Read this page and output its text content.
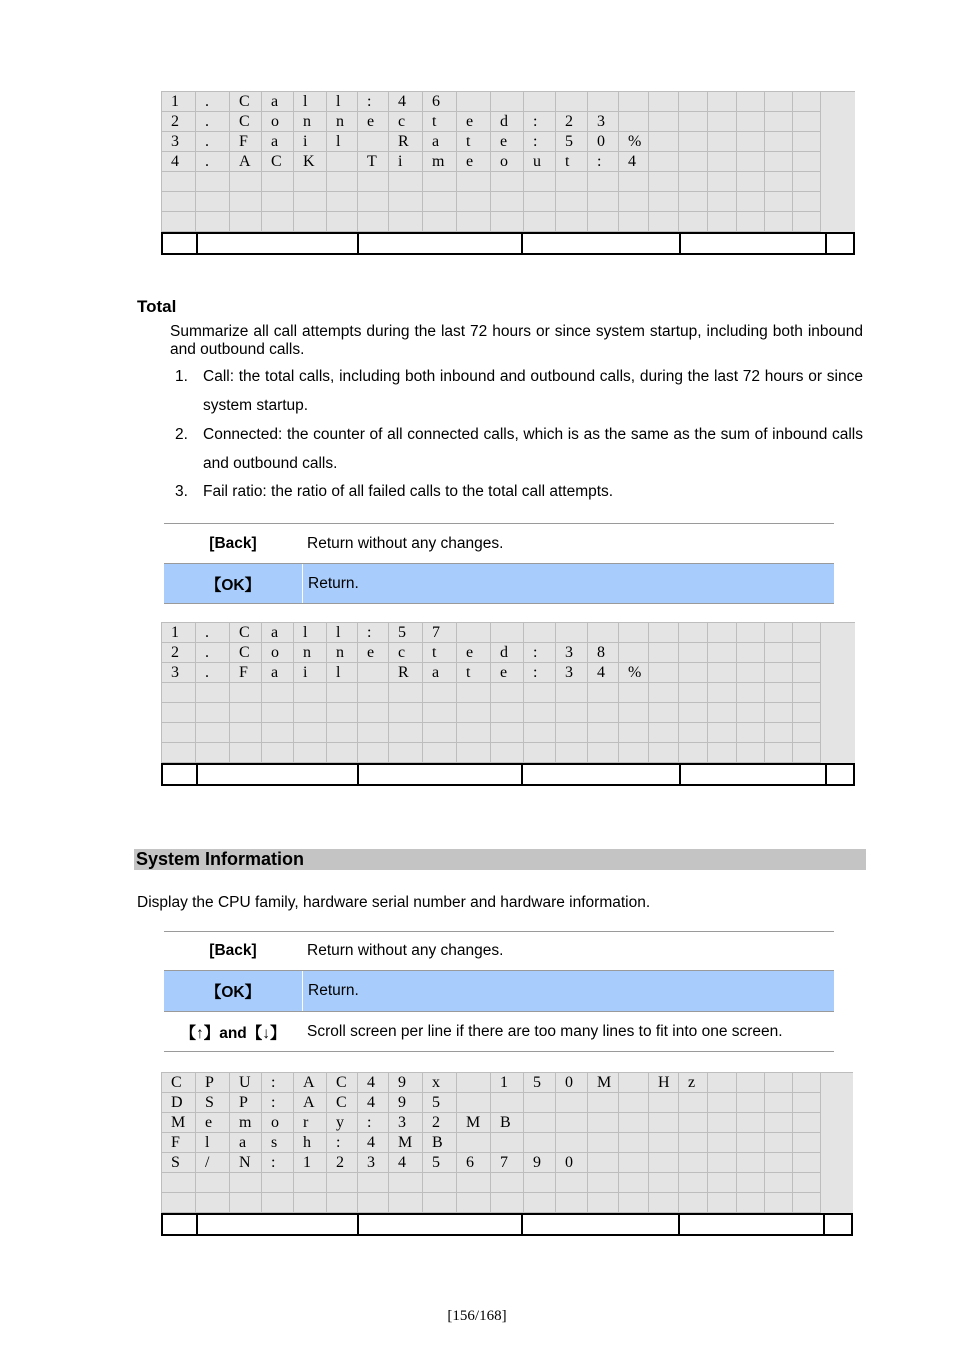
1	.	C	a	l	l	:	4	6
2	.	C	o	n	n	e	c	t	e	d	:	2	3
3	.	F	a	i	l	R	a	t	e	:	5	0	%
4	.	A	C	K	T	i	m	e	o	u	t	:	4
Total
Summarize all call attempts during the last 72 hours or since system startup, including both inbound and outbound calls.
1. Call: the total calls, including both inbound and outbound calls, during the last 72 hours or since system startup.
2. Connected: the counter of all connected calls, which is as the same as the sum of inbound calls and outbound calls.
3. Fail ratio: the ratio of all failed calls to the total call attempts.
[Back]	Return without any changes.
【OK】	Return.
1	.	C	a	l	l	:	5	7
2	.	C	o	n	n	e	c	t	e	d	:	3	8
3	.	F	a	i	l	R	a	t	e	:	3	4	%
System Information
Display the CPU family, hardware serial number and hardware information.
[Back]	Return without any changes.
【OK】	Return.
【↑】and【↓】	Scroll screen per line if there are too many lines to fit into one screen.
C	P	U	:	A	C	4	9	x	1	5	0	M	H	z
D	S	P	:	A	C	4	9	5
M	e	m	o	r	y	:	3	2	M	B
F	l	a	s	h	:	4	M	B
S	/	N	:	1	2	3	4	5	6	7	9	0
[156/168]
